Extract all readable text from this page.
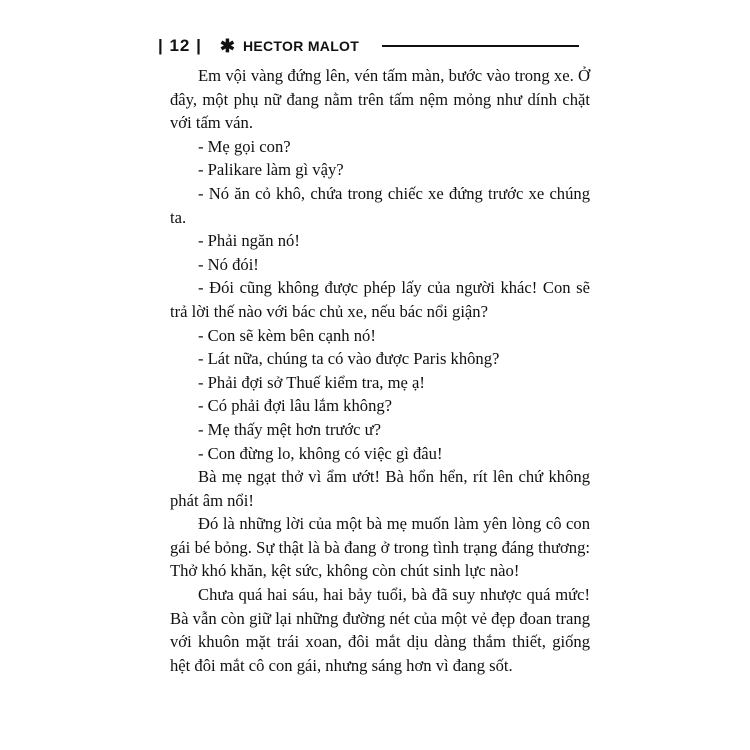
| 12 | ✱ HECTOR MALOT

Em vội vàng đứng lên, vén tấm màn, bước vào trong xe. Ở đây, một phụ nữ đang nằm trên tấm nệm mỏng như dính chặt với tấm ván.

- Mẹ gọi con?

- Palikare làm gì vậy?

- Nó ăn cỏ khô, chứa trong chiếc xe đứng trước xe chúng ta.

- Phải ngăn nó!

- Nó đói!

- Đói cũng không được phép lấy của người khác! Con sẽ trả lời thế nào với bác chủ xe, nếu bác nổi giận?

- Con sẽ kèm bên cạnh nó!

- Lát nữa, chúng ta có vào được Paris không?

- Phải đợi sở Thuế kiểm tra, mẹ ạ!

- Có phải đợi lâu lắm không?

- Mẹ thấy mệt hơn trước ư?

- Con đừng lo, không có việc gì đâu!

Bà mẹ ngạt thở vì ẩm ướt! Bà hổn hển, rít lên chứ không phát âm nổi!

Đó là những lời của một bà mẹ muốn làm yên lòng cô con gái bé bỏng. Sự thật là bà đang ở trong tình trạng đáng thương: Thở khó khăn, kệt sức, không còn chút sinh lực nào!

Chưa quá hai sáu, hai bảy tuổi, bà đã suy nhược quá mức! Bà vẫn còn giữ lại những đường nét của một vẻ đẹp đoan trang với khuôn mặt trái xoan, đôi mắt dịu dàng thắm thiết, giống hệt đôi mắt cô con gái, nhưng sáng hơn vì đang sốt.
